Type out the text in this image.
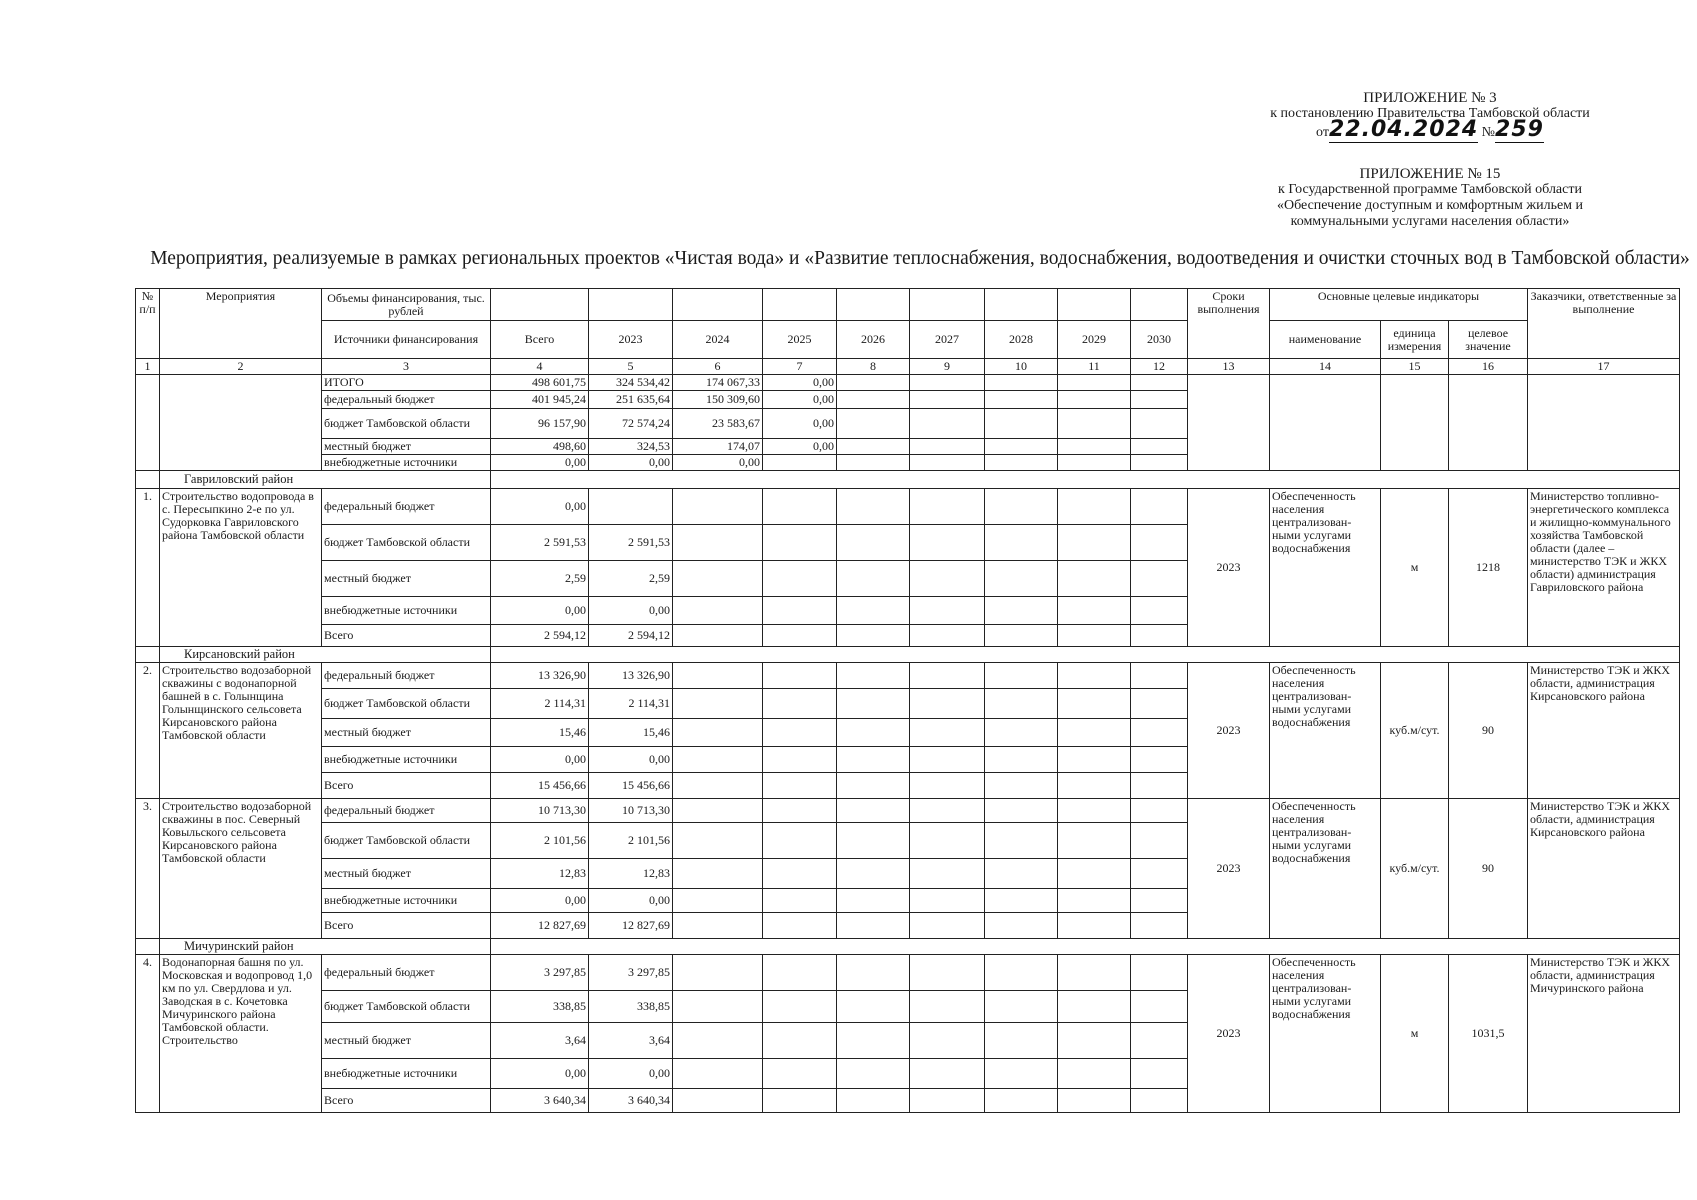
ПРИЛОЖЕНИЕ № 3
к постановлению Правительства Тамбовской области
от22.04.2024 №259
ПРИЛОЖЕНИЕ № 15
к Государственной программе Тамбовской области
«Обеспечение доступным и комфортным жильем и
коммунальными услугами населения области»
Мероприятия, реализуемые в рамках региональных проектов «Чистая вода» и «Развитие теплоснабжения, водоснабжения, водоотведения и очистки сточных вод в Тамбовской области»
№ п/п	Мероприятия	Объемы финансирования, тыс. рублей										Сроки выполнения	Основные целевые индикаторы			Заказчики, ответственные за выполнение
		Источники финансирования	Всего	2023	2024	2025	2026	2027	2028	2029	2030		наименование	единица измерения	целевое значение	
1	2	3	4	5	6	7	8	9	10	11	12	13	14	15	16	17
		ИТОГО	498 601,75	324 534,42	174 067,33	0,00										
		федеральный бюджет	401 945,24	251 635,64	150 309,60	0,00										
		бюджет Тамбовской области	96 157,90	72 574,24	23 583,67	0,00										
		местный бюджет	498,60	324,53	174,07	0,00										
		внебюджетные источники	0,00	0,00	0,00											
	Гавриловский район															
1.	Строительство водопровода в с. Пересыпкино 2-е по ул. Судорковка Гавриловского района Тамбовской области	федеральный бюджет	0,00									2023	Обеспеченность населения централизован-ными услугами водоснабжения	м	1218	Министерство топливно-энергетического комплекса и жилищно-коммунального хозяйства Тамбовской области (далее – министерство ТЭК и ЖКХ области) администрация Гавриловского района
		бюджет Тамбовской области	2 591,53	2 591,53												
		местный бюджет	2,59	2,59												
		внебюджетные источники	0,00	0,00												
		Всего	2 594,12	2 594,12												
	Кирсановский район															
2.	Строительство водозаборной скважины с водонапорной башней в с. Голынщина Голынщинского сельсовета Кирсановского района Тамбовской области	федеральный бюджет	13 326,90	13 326,90								2023	Обеспеченность населения централизован-ными услугами водоснабжения	куб.м/сут.	90	Министерство ТЭК и ЖКХ области, администрация Кирсановского района
		бюджет Тамбовской области	2 114,31	2 114,31												
		местный бюджет	15,46	15,46												
		внебюджетные источники	0,00	0,00												
		Всего	15 456,66	15 456,66												
3.	Строительство водозаборной скважины в пос. Северный Ковыльского сельсовета Кирсановского района Тамбовской области	федеральный бюджет	10 713,30	10 713,30								2023	Обеспеченность населения централизован-ными услугами водоснабжения	куб.м/сут.	90	Министерство ТЭК и ЖКХ области, администрация Кирсановского района
		бюджет Тамбовской области	2 101,56	2 101,56												
		местный бюджет	12,83	12,83												
		внебюджетные источники	0,00	0,00												
		Всего	12 827,69	12 827,69												
	Мичуринский район															
4.	Водонапорная башня по ул. Московская и водопровод 1,0 км по ул. Свердлова и ул. Заводская в с. Кочетовка Мичуринского района Тамбовской области. Строительство	федеральный бюджет	3 297,85	3 297,85								2023	Обеспеченность населения централизован-ными услугами водоснабжения	м	1031,5	Министерство ТЭК и ЖКХ области, администрация Мичуринского района
		бюджет Тамбовской области	338,85	338,85												
		местный бюджет	3,64	3,64												
		внебюджетные источники	0,00	0,00												
		Всего	3 640,34	3 640,34												
